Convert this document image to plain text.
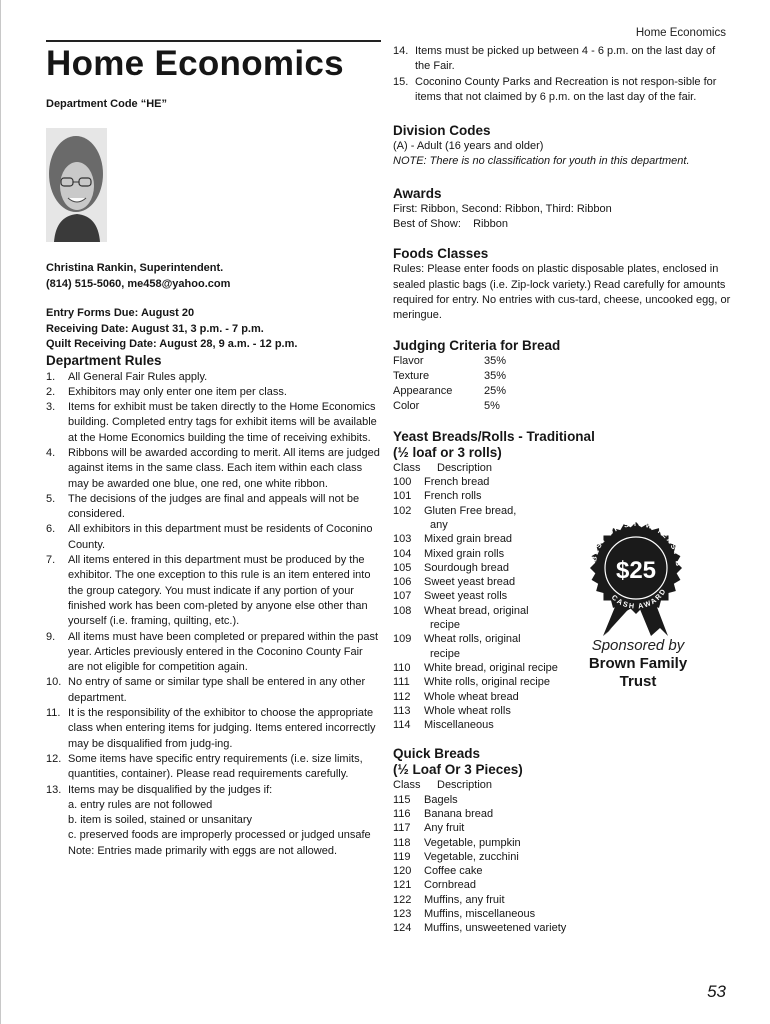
Home Economics
Home Economics
Department Code “HE”
Christina Rankin, Superintendent.
(814) 515-5060, me458@yahoo.com
Entry Forms Due: August 20
Receiving Date: August 31, 3 p.m. - 7 p.m.
Quilt Receiving Date: August 28, 9 a.m. - 12 p.m.
Department Rules
1.	All General Fair Rules apply.
2.	Exhibitors may only enter one item per class.
3.	Items for exhibit must be taken directly to the Home Economics building. Completed entry tags for exhibit items will be available at the Home Economics building the time of receiving exhibits.
4.	Ribbons will be awarded according to merit. All items are judged against items in the same class. Each item within each class may be awarded one blue, one red, one white ribbon.
5.	The decisions of the judges are final and appeals will not be considered.
6.	All exhibitors in this department must be residents of Coconino County.
7.	All items entered in this department must be produced by the exhibitor. The one exception to this rule is an item entered into the group category. You must indicate if any portion of your finished work has been com-pleted by anyone else other than yourself (i.e. framing, quilting, etc.).
9.	All items must have been completed or prepared within the past year. Articles previously entered in the Coconino County Fair are not eligible for competition again.
10. No entry of same or similar type shall be entered in any other department.
11. It is the responsibility of the exhibitor to choose the appropriate class when entering items for judging. Items entered incorrectly may be disqualified from judg-ing.
12. Some items have specific entry requirements (i.e. size limits, quantities, container). Please read requirements carefully.
13. Items may be disqualified by the judges if:
a. entry rules are not followed
b. item is soiled, stained or unsanitary
c. preserved foods are improperly processed or judged unsafe
Note: Entries made primarily with eggs are not allowed.
14. Items must be picked up between 4 - 6 p.m. on the last day of the Fair.
15. Coconino County Parks and Recreation is not respon-sible for items that not claimed by 6 p.m. on the last day of the fair.
Division Codes
(A) - Adult (16 years and older)
NOTE: There is no classification for youth in this department.
Awards
First: Ribbon, Second: Ribbon, Third: Ribbon
Best of Show: Ribbon
Foods Classes
Rules: Please enter foods on plastic disposable plates, enclosed in sealed plastic bags (i.e. Zip-lock variety.) Read carefully for amounts required for entry. No entries with cus-tard, cheese, uncooked egg, or meringue.
Judging Criteria for Bread
Flavor	35%
Texture	35%
Appearance	25%
Color	5%
Yeast Breads/Rolls - Traditional
(½ loaf or 3 rolls)
Class	Description
100	French bread
101	French rolls
102	Gluten Free bread,
any
103	Mixed grain bread
104	Mixed grain rolls
105	Sourdough bread
106	Sweet yeast bread
107	Sweet yeast rolls
108	Wheat bread, original
recipe
109	Wheat rolls, original
recipe
110	White bread, original recipe
111	White rolls, original recipe
112	Whole wheat bread
113	Whole wheat rolls
114	Miscellaneous
Quick Breads
(½ Loaf Or 3 Pieces)
Class	Description
115	Bagels
116	Banana bread
117	Any fruit
118	Vegetable, pumpkin
119	Vegetable, zucchini
120	Coffee cake
121	Cornbread
122	Muffins, any fruit
123	Muffins, miscellaneous
124	Muffins, unsweetened variety
BEST OF SHOW YEAST B
CASH AWARD
$25
Sponsored by
Brown Family
Trust
53
